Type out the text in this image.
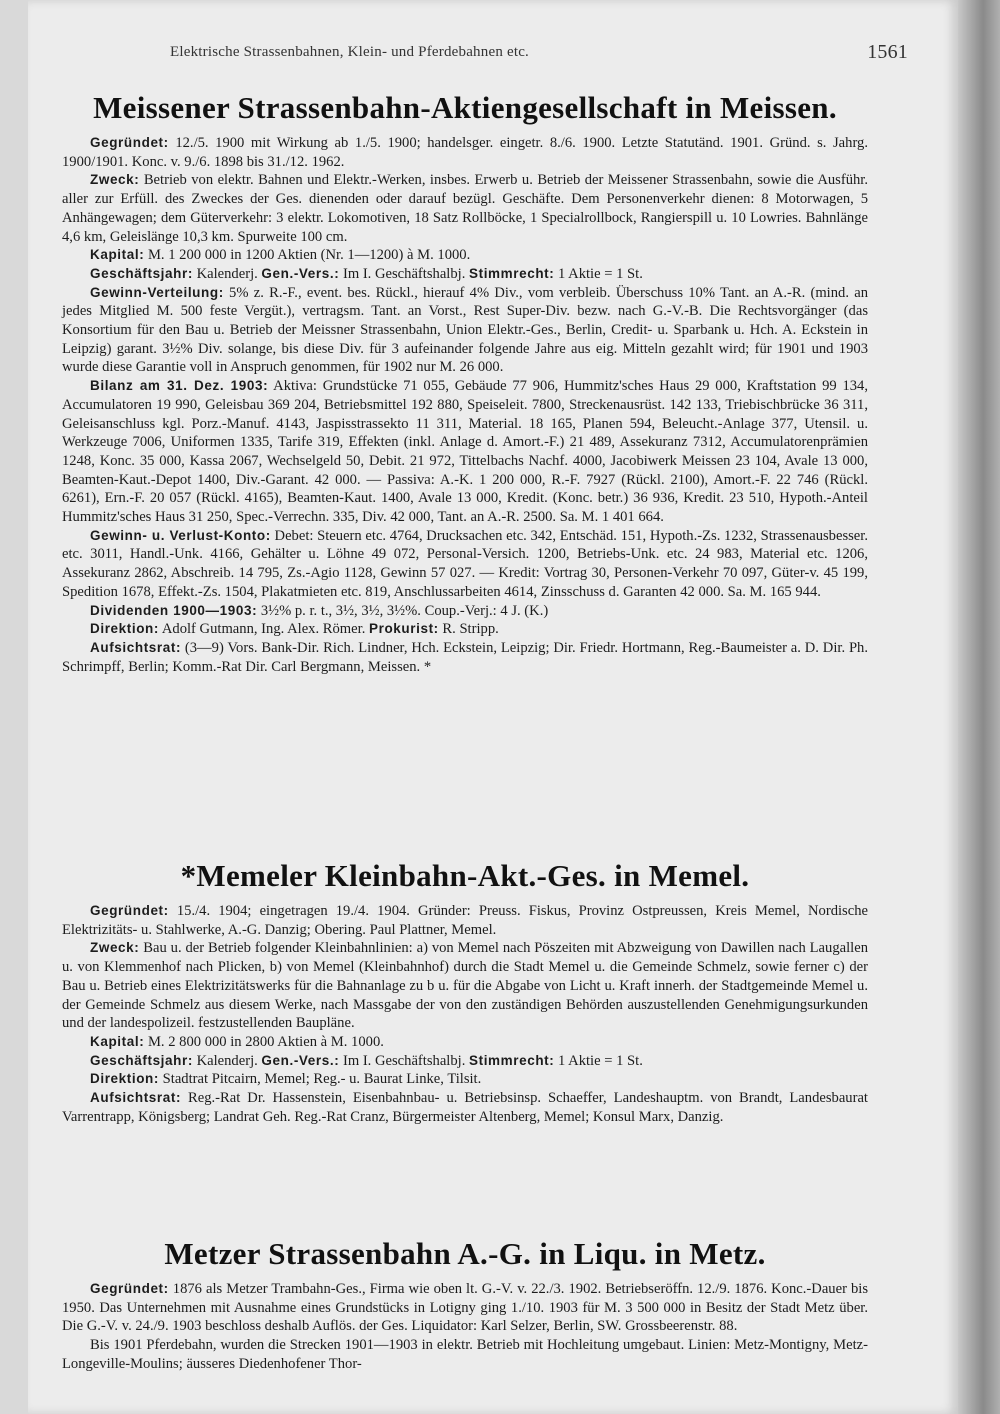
Elektrische Strassenbahnen, Klein- und Pferdebahnen etc.	1561
Meissener Strassenbahn-Aktiengesellschaft in Meissen.

Gegründet: 12./5. 1900 mit Wirkung ab 1./5. 1900; handelsger. eingetr. 8./6. 1900. Letzte Statutänd. 1901. Gründ. s. Jahrg. 1900/1901. Konc. v. 9./6. 1898 bis 31./12. 1962.

Zweck: Betrieb von elektr. Bahnen und Elektr.-Werken, insbes. Erwerb u. Betrieb der Meissener Strassenbahn, sowie die Ausführ. aller zur Erfüll. des Zweckes der Ges. dienenden oder darauf bezügl. Geschäfte. Dem Personenverkehr dienen: 8 Motorwagen, 5 Anhängewagen; dem Güterverkehr: 3 elektr. Lokomotiven, 18 Satz Rollböcke, 1 Specialrollbock, Rangierspill u. 10 Lowries. Bahnlänge 4,6 km, Geleislänge 10,3 km. Spurweite 100 cm.

Kapital: M. 1 200 000 in 1200 Aktien (Nr. 1—1200) à M. 1000.

Geschäftsjahr: Kalenderj. Gen.-Vers.: Im I. Geschäftshalbj. Stimmrecht: 1 Aktie = 1 St.

Gewinn-Verteilung: 5% z. R.-F., event. bes. Rückl., hierauf 4% Div., vom verbleib. Überschuss 10% Tant. an A.-R. (mind. an jedes Mitglied M. 500 feste Vergüt.), vertragsm. Tant. an Vorst., Rest Super-Div. bezw. nach G.-V.-B. Die Rechtsvorgänger (das Konsortium für den Bau u. Betrieb der Meissner Strassenbahn, Union Elektr.-Ges., Berlin, Credit- u. Sparbank u. Hch. A. Eckstein in Leipzig) garant. 3½% Div. solange, bis diese Div. für 3 aufeinander folgende Jahre aus eig. Mitteln gezahlt wird; für 1901 und 1903 wurde diese Garantie voll in Anspruch genommen, für 1902 nur M. 26 000.

Bilanz am 31. Dez. 1903: Aktiva: Grundstücke 71 055, Gebäude 77 906, Hummitz'sches Haus 29 000, Kraftstation 99 134, Accumulatoren 19 990, Geleisbau 369 204, Betriebsmittel 192 880, Speiseleit. 7800, Streckenausrüst. 142 133, Triebischbrücke 36 311, Geleisanschluss kgl. Porz.-Manuf. 4143, Jaspisstrassekto 11 311, Material. 18 165, Planen 594, Beleucht.-Anlage 377, Utensil. u. Werkzeuge 7006, Uniformen 1335, Tarife 319, Effekten (inkl. Anlage d. Amort.-F.) 21 489, Assekuranz 7312, Accumulatorenprämien 1248, Konc. 35 000, Kassa 2067, Wechselgeld 50, Debit. 21 972, Tittelbachs Nachf. 4000, Jacobiwerk Meissen 23 104, Avale 13 000, Beamten-Kaut.-Depot 1400, Div.-Garant. 42 000. — Passiva: A.-K. 1 200 000, R.-F. 7927 (Rückl. 2100), Amort.-F. 22 746 (Rückl. 6261), Ern.-F. 20 057 (Rückl. 4165), Beamten-Kaut. 1400, Avale 13 000, Kredit. (Konc. betr.) 36 936, Kredit. 23 510, Hypoth.-Anteil Hummitz'sches Haus 31 250, Spec.-Verrechn. 335, Div. 42 000, Tant. an A.-R. 2500. Sa. M. 1 401 664.

Gewinn- u. Verlust-Konto: Debet: Steuern etc. 4764, Drucksachen etc. 342, Entschäd. 151, Hypoth.-Zs. 1232, Strassenausbesser. etc. 3011, Handl.-Unk. 4166, Gehälter u. Löhne 49 072, Personal-Versich. 1200, Betriebs-Unk. etc. 24 983, Material etc. 1206, Assekuranz 2862, Abschreib. 14 795, Zs.-Agio 1128, Gewinn 57 027. — Kredit: Vortrag 30, Personen-Verkehr 70 097, Güter-v. 45 199, Spedition 1678, Effekt.-Zs. 1504, Plakatmieten etc. 819, Anschlussarbeiten 4614, Zinsschuss d. Garanten 42 000. Sa. M. 165 944.

Dividenden 1900—1903: 3½% p. r. t., 3½, 3½, 3½%. Coup.-Verj.: 4 J. (K.)

Direktion: Adolf Gutmann, Ing. Alex. Römer. Prokurist: R. Stripp.

Aufsichtsrat: (3—9) Vors. Bank-Dir. Rich. Lindner, Hch. Eckstein, Leipzig; Dir. Friedr. Hortmann, Reg.-Baumeister a. D. Dir. Ph. Schrimpff, Berlin; Komm.-Rat Dir. Carl Bergmann, Meissen. *

*Memeler Kleinbahn-Akt.-Ges. in Memel.

Gegründet: 15./4. 1904; eingetragen 19./4. 1904. Gründer: Preuss. Fiskus, Provinz Ostpreussen, Kreis Memel, Nordische Elektrizitäts- u. Stahlwerke, A.-G. Danzig; Obering. Paul Plattner, Memel.

Zweck: Bau u. der Betrieb folgender Kleinbahnlinien: a) von Memel nach Pöszeiten mit Abzweigung von Dawillen nach Laugallen u. von Klemmenhof nach Plicken, b) von Memel (Kleinbahnhof) durch die Stadt Memel u. die Gemeinde Schmelz, sowie ferner c) der Bau u. Betrieb eines Elektrizitätswerks für die Bahnanlage zu b u. für die Abgabe von Licht u. Kraft innerh. der Stadtgemeinde Memel u. der Gemeinde Schmelz aus diesem Werke, nach Massgabe der von den zuständigen Behörden auszustellenden Genehmigungsurkunden und der landespolizeil. festzustellenden Baupläne.

Kapital: M. 2 800 000 in 2800 Aktien à M. 1000.

Geschäftsjahr: Kalenderj. Gen.-Vers.: Im I. Geschäftshalbj. Stimmrecht: 1 Aktie = 1 St.

Direktion: Stadtrat Pitcairn, Memel; Reg.- u. Baurat Linke, Tilsit.

Aufsichtsrat: Reg.-Rat Dr. Hassenstein, Eisenbahnbau- u. Betriebsinsp. Schaeffer, Landeshauptm. von Brandt, Landesbaurat Varrentrapp, Königsberg; Landrat Geh. Reg.-Rat Cranz, Bürgermeister Altenberg, Memel; Konsul Marx, Danzig.

Metzer Strassenbahn A.-G. in Liqu. in Metz.

Gegründet: 1876 als Metzer Trambahn-Ges., Firma wie oben lt. G.-V. v. 22./3. 1902. Betriebseröffn. 12./9. 1876. Konc.-Dauer bis 1950. Das Unternehmen mit Ausnahme eines Grundstücks in Lotigny ging 1./10. 1903 für M. 3 500 000 in Besitz der Stadt Metz über. Die G.-V. v. 24./9. 1903 beschloss deshalb Auflös. der Ges. Liquidator: Karl Selzer, Berlin, SW. Grossbeerenstr. 88.

Bis 1901 Pferdebahn, wurden die Strecken 1901—1903 in elektr. Betrieb mit Hochleitung umgebaut. Linien: Metz-Montigny, Metz-Longeville-Moulins; äusseres Diedenhofener Thor-
